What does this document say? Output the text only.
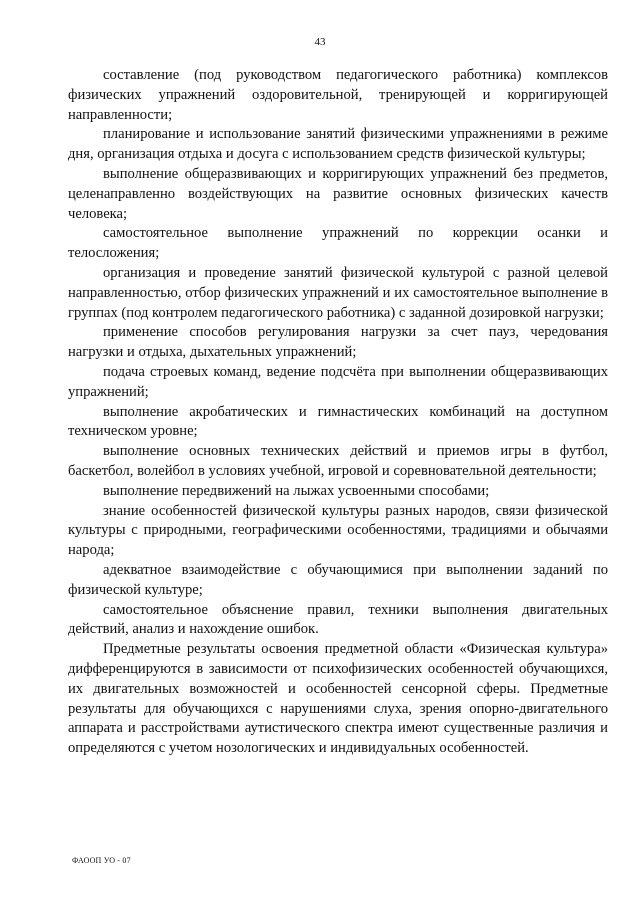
43

составление (под руководством педагогического работника) комплексов физических упражнений оздоровительной, тренирующей и корригирующей направленности;

планирование и использование занятий физическими упражнениями в режиме дня, организация отдыха и досуга с использованием средств физической культуры;

выполнение общеразвивающих и корригирующих упражнений без предметов, целенаправленно воздействующих на развитие основных физических качеств человека;

самостоятельное выполнение упражнений по коррекции осанки и телосложения;

организация и проведение занятий физической культурой с разной целевой направленностью, отбор физических упражнений и их самостоятельное выполнение в группах (под контролем педагогического работника) с заданной дозировкой нагрузки;

применение способов регулирования нагрузки за счет пауз, чередования нагрузки и отдыха, дыхательных упражнений;

подача строевых команд, ведение подсчёта при выполнении общеразвивающих упражнений;

выполнение акробатических и гимнастических комбинаций на доступном техническом уровне;

выполнение основных технических действий и приемов игры в футбол, баскетбол, волейбол в условиях учебной, игровой и соревновательной деятельности;

выполнение передвижений на лыжах усвоенными способами;

знание особенностей физической культуры разных народов, связи физической культуры с природными, географическими особенностями, традициями и обычаями народа;

адекватное взаимодействие с обучающимися при выполнении заданий по физической культуре;

самостоятельное объяснение правил, техники выполнения двигательных действий, анализ и нахождение ошибок.

Предметные результаты освоения предметной области «Физическая культура» дифференцируются в зависимости от психофизических особенностей обучающихся, их двигательных возможностей и особенностей сенсорной сферы. Предметные результаты для обучающихся с нарушениями слуха, зрения опорно-двигательного аппарата и расстройствами аутистического спектра имеют существенные различия и определяются с учетом нозологических и индивидуальных особенностей.

ФАООП УО - 07
